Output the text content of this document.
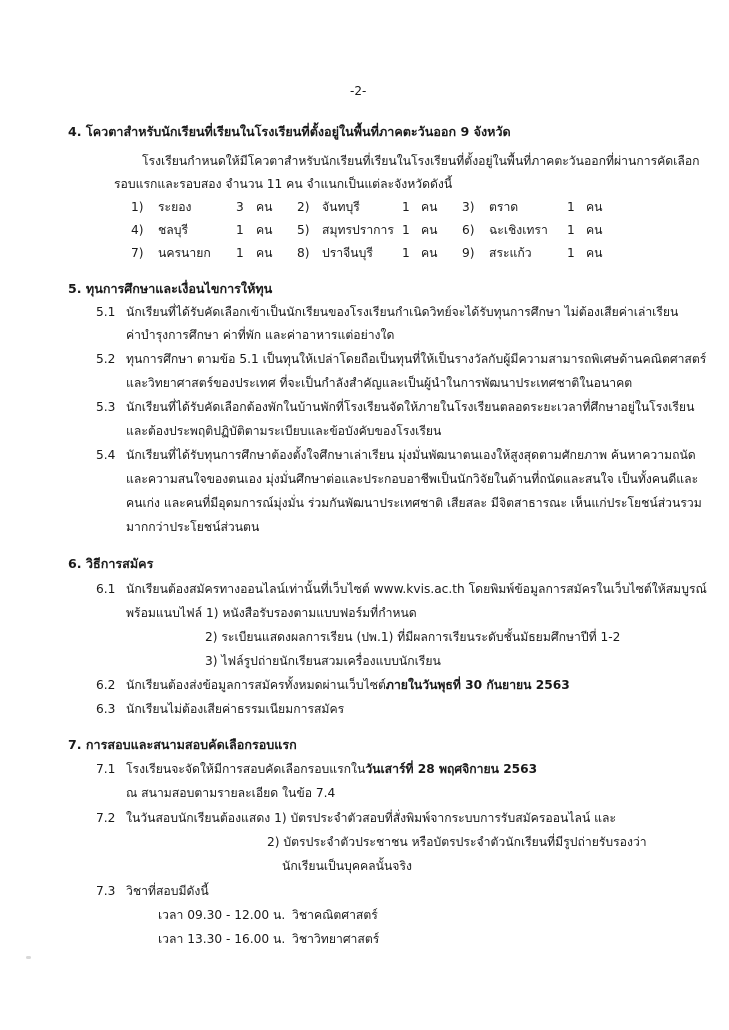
-2-
4. โควตาสำหรับนักเรียนที่เรียนในโรงเรียนที่ตั้งอยู่ในพื้นที่ภาคตะวันออก 9 จังหวัด
โรงเรียนกำหนดให้มีโควตาสำหรับนักเรียนที่เรียนในโรงเรียนที่ตั้งอยู่ในพื้นที่ภาคตะวันออกที่ผ่านการคัดเลือก
รอบแรกและรอบสอง จำนวน 11 คน จำแนกเป็นแต่ละจังหวัดดังนี้
1) ระยอง	3 คน 2) จันทบุรี	1 คน 3) ตราด	1 คน
4) ชลบุรี	1 คน 5) สมุทรปราการ 1 คน 6) ฉะเชิงเทรา 1 คน
7) นครนายก 1 คน 8) ปราจีนบุรี 1 คน 9) สระแก้ว	1 คน
5. ทุนการศึกษาและเงื่อนไขการให้ทุน
5.1 นักเรียนที่ได้รับคัดเลือกเข้าเป็นนักเรียนของโรงเรียนกำเนิดวิทย์จะได้รับทุนการศึกษา ไม่ต้องเสียค่าเล่าเรียน
ค่าบำรุงการศึกษา ค่าที่พัก และค่าอาหารแต่อย่างใด
5.2 ทุนการศึกษา ตามข้อ 5.1 เป็นทุนให้เปล่าโดยถือเป็นทุนที่ให้เป็นรางวัลกับผู้มีความสามารถพิเศษด้านคณิตศาสตร์
และวิทยาศาสตร์ของประเทศ ที่จะเป็นกำลังสำคัญและเป็นผู้นำในการพัฒนาประเทศชาติในอนาคต
5.3 นักเรียนที่ได้รับคัดเลือกต้องพักในบ้านพักที่โรงเรียนจัดให้ภายในโรงเรียนตลอดระยะเวลาที่ศึกษาอยู่ในโรงเรียน
และต้องประพฤติปฏิบัติตามระเบียบและข้อบังคับของโรงเรียน
5.4 นักเรียนที่ได้รับทุนการศึกษาต้องตั้งใจศึกษาเล่าเรียน มุ่งมั่นพัฒนาตนเองให้สูงสุดตามศักยภาพ ค้นหาความถนัด
และความสนใจของตนเอง มุ่งมั่นศึกษาต่อและประกอบอาชีพเป็นนักวิจัยในด้านที่ถนัดและสนใจ เป็นทั้งคนดีและ
คนเก่ง และคนที่มีอุดมการณ์มุ่งมั่น ร่วมกันพัฒนาประเทศชาติ เสียสละ มีจิตสาธารณะ เห็นแก่ประโยชน์ส่วนรวม
มากกว่าประโยชน์ส่วนตน
6. วิธีการสมัคร
6.1 นักเรียนต้องสมัครทางออนไลน์เท่านั้นที่เว็บไซต์ www.kvis.ac.th โดยพิมพ์ข้อมูลการสมัครในเว็บไซต์ให้สมบูรณ์
พร้อมแนบไฟล์ 1) หนังสือรับรองตามแบบฟอร์มที่กำหนด
2) ระเบียนแสดงผลการเรียน (ปพ.1) ที่มีผลการเรียนระดับชั้นมัธยมศึกษาปีที่ 1-2
3) ไฟล์รูปถ่ายนักเรียนสวมเครื่องแบบนักเรียน
6.2 นักเรียนต้องส่งข้อมูลการสมัครทั้งหมดผ่านเว็บไซต์ภายในวันพุธที่ 30 กันยายน 2563
6.3 นักเรียนไม่ต้องเสียค่าธรรมเนียมการสมัคร
7. การสอบและสนามสอบคัดเลือกรอบแรก
7.1 โรงเรียนจะจัดให้มีการสอบคัดเลือกรอบแรกในวันเสาร์ที่ 28 พฤศจิกายน 2563
ณ สนามสอบตามรายละเอียด ในข้อ 7.4
7.2 ในวันสอบนักเรียนต้องแสดง 1) บัตรประจำตัวสอบที่สั่งพิมพ์จากระบบการรับสมัครออนไลน์ และ
2) บัตรประจำตัวประชาชน หรือบัตรประจำตัวนักเรียนที่มีรูปถ่ายรับรองว่า
นักเรียนเป็นบุคคลนั้นจริง
7.3 วิชาที่สอบมีดังนี้
เวลา 09.30 - 12.00 น. วิชาคณิตศาสตร์
เวลา 13.30 - 16.00 น. วิชาวิทยาศาสตร์
